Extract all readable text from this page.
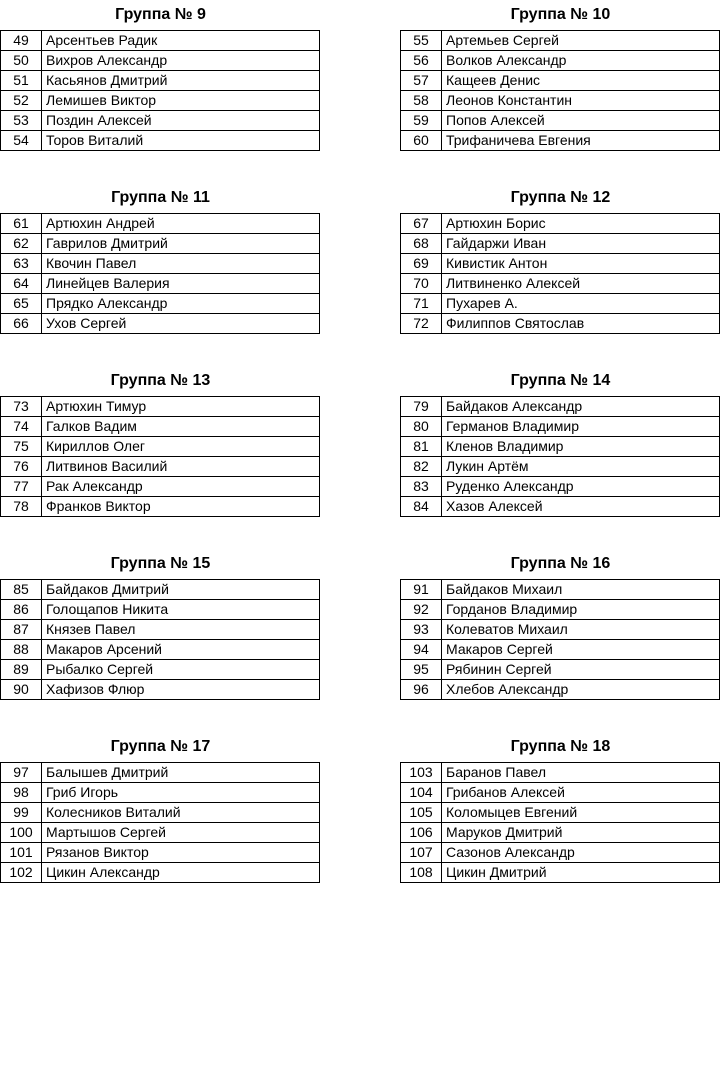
Группа № 9
49	Арсентьев Радик
50	Вихров Александр
51	Касьянов Дмитрий
52	Лемишев Виктор
53	Поздин Алексей
54	Торов Виталий
Группа № 10
55	Артемьев Сергей
56	Волков Александр
57	Кащеев Денис
58	Леонов Константин
59	Попов Алексей
60	Трифаничева Евгения
Группа № 11
61	Артюхин Андрей
62	Гаврилов Дмитрий
63	Квочин Павел
64	Линейцев Валерия
65	Прядко Александр
66	Ухов Сергей
Группа № 12
67	Артюхин Борис
68	Гайдаржи Иван
69	Кивистик Антон
70	Литвиненко Алексей
71	Пухарев А.
72	Филиппов Святослав
Группа № 13
73	Артюхин Тимур
74	Галков Вадим
75	Кириллов Олег
76	Литвинов Василий
77	Рак Александр
78	Франков Виктор
Группа № 14
79	Байдаков Александр
80	Германов Владимир
81	Кленов Владимир
82	Лукин Артём
83	Руденко Александр
84	Хазов Алексей
Группа № 15
85	Байдаков Дмитрий
86	Голощапов Никита
87	Князев Павел
88	Макаров Арсений
89	Рыбалко Сергей
90	Хафизов Флюр
Группа № 16
91	Байдаков Михаил
92	Горданов Владимир
93	Колеватов Михаил
94	Макаров Сергей
95	Рябинин Сергей
96	Хлебов Александр
Группа № 17
97	Балышев Дмитрий
98	Гриб Игорь
99	Колесников Виталий
100	Мартышов Сергей
101	Рязанов Виктор
102	Цикин Александр
Группа № 18
103	Баранов Павел
104	Грибанов Алексей
105	Коломыцев Евгений
106	Маруков Дмитрий
107	Сазонов Александр
108	Цикин Дмитрий
